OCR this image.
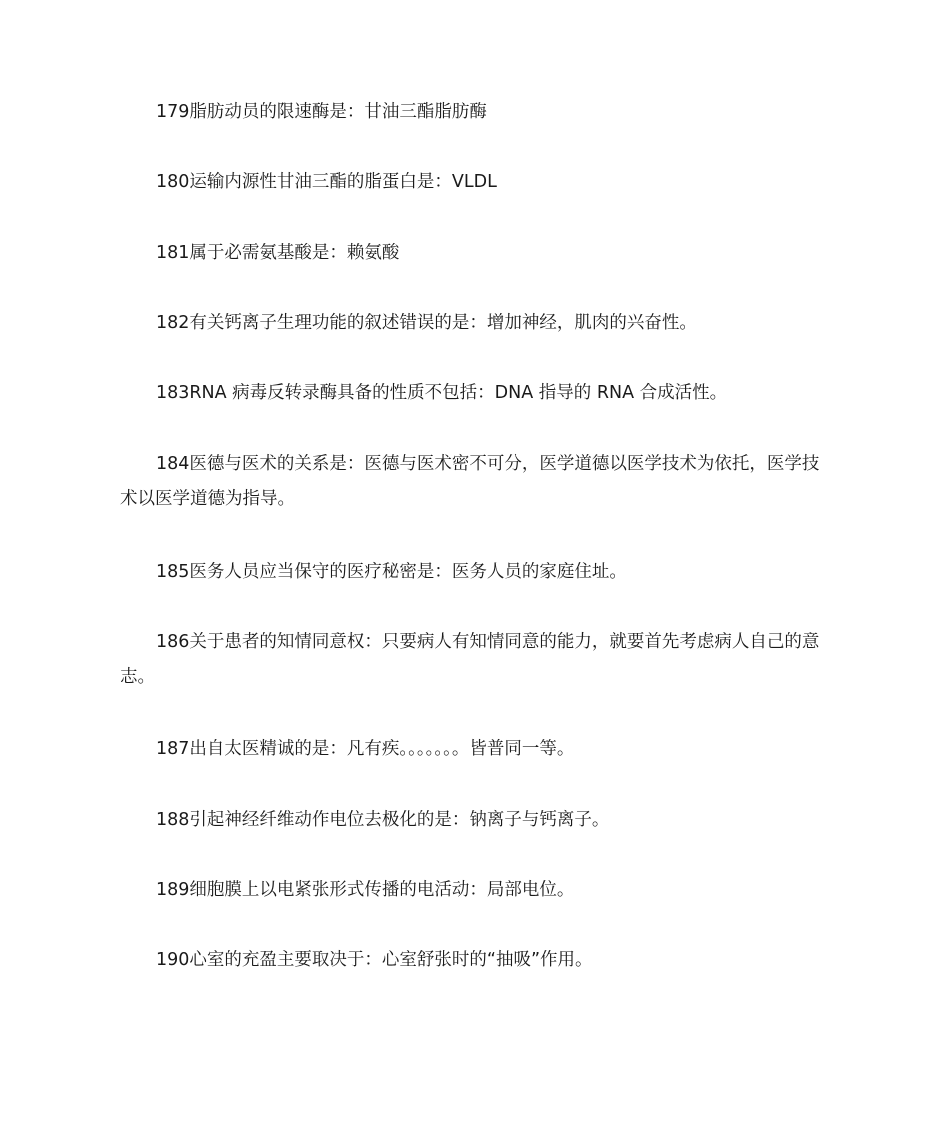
179脂肪动员的限速酶是：甘油三酯脂肪酶

180运输内源性甘油三酯的脂蛋白是：VLDL

181属于必需氨基酸是：赖氨酸

182有关钙离子生理功能的叙述错误的是：增加神经，肌肉的兴奋性。

183RNA 病毒反转录酶具备的性质不包括：DNA 指导的 RNA 合成活性。

184医德与医术的关系是：医德与医术密不可分，医学道德以医学技术为依托，医学技术以医学道德为指导。

185医务人员应当保守的医疗秘密是：医务人员的家庭住址。

186关于患者的知情同意权：只要病人有知情同意的能力，就要首先考虑病人自己的意志。

187出自太医精诚的是：凡有疾。。。。。。。皆普同一等。

188引起神经纤维动作电位去极化的是：钠离子与钙离子。

189细胞膜上以电紧张形式传播的电活动：局部电位。

190心室的充盈主要取决于：心室舒张时的“抽吸”作用。
